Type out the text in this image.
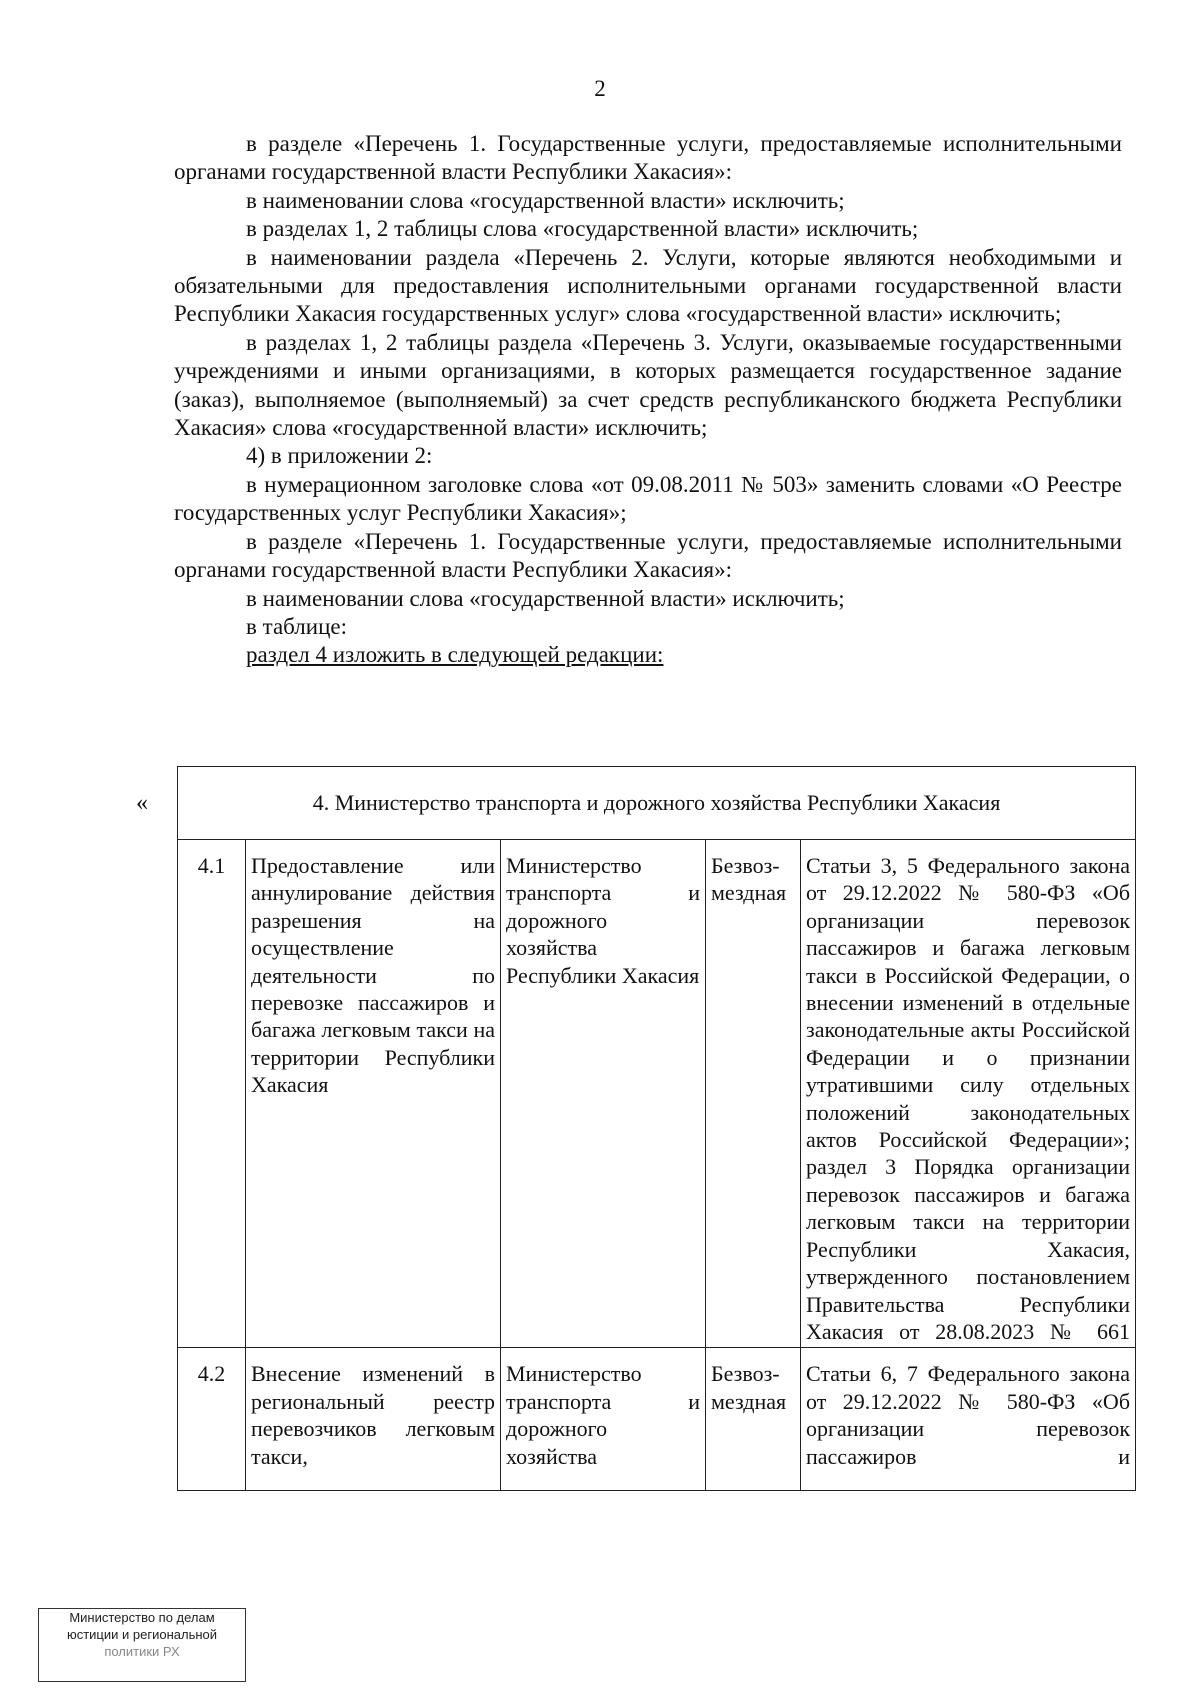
2

в разделе «Перечень 1. Государственные услуги, предоставляемые исполнительными органами государственной власти Республики Хакасия»:

в наименовании слова «государственной власти» исключить;

в разделах 1, 2 таблицы слова «государственной власти» исключить;

в наименовании раздела «Перечень 2. Услуги, которые являются необходимыми и обязательными для предоставления исполнительными органами государственной власти Республики Хакасия государственных услуг» слова «государственной власти» исключить;

в разделах 1, 2 таблицы раздела «Перечень 3. Услуги, оказываемые государственными учреждениями и иными организациями, в которых размещается государственное задание (заказ), выполняемое (выполняемый) за счет средств республиканского бюджета Республики Хакасия» слова «государственной власти» исключить;

4) в приложении 2:

в нумерационном заголовке слова «от 09.08.2011 № 503» заменить словами «О Реестре государственных услуг Республики Хакасия»;

в разделе «Перечень 1. Государственные услуги, предоставляемые исполнительными органами государственной власти Республики Хакасия»:

в наименовании слова «государственной власти» исключить;

в таблице:

раздел 4 изложить в следующей редакции:

«	4. Министерство транспорта и дорожного хозяйства Республики Хакасия				
4.1	Предоставление или аннулирование действия разрешения на осуществление деятельности по перевозке пассажиров и багажа легковым такси на территории Республики Хакасия	Министерство транспорта и дорожного хозяйства Республики Хакасия	Безвоз- мездная	Статьи 3, 5 Федерального закона от 29.12.2022 № 580-ФЗ «Об организации перевозок пассажиров и багажа легковым такси в Российской Федерации, о внесении изменений в отдельные законодательные акты Российской Федерации и о признании утратившими силу отдельных положений законодательных актов Российской Федерации»; раздел 3 Порядка организации перевозок пассажиров и багажа легковым такси на территории Республики Хакасия, утвержденного постановлением Правительства Республики Хакасия от 28.08.2023 № 661
4.2	Внесение изменений в региональный реестр перевозчиков легковым такси,	Министерство транспорта и дорожного хозяйства	Безвоз- мездная	Статьи 6, 7 Федерального закона от 29.12.2022 № 580-ФЗ «Об организации перевозок пассажиров и
Министерство по делам
юстиции и региональной
политики РХ
